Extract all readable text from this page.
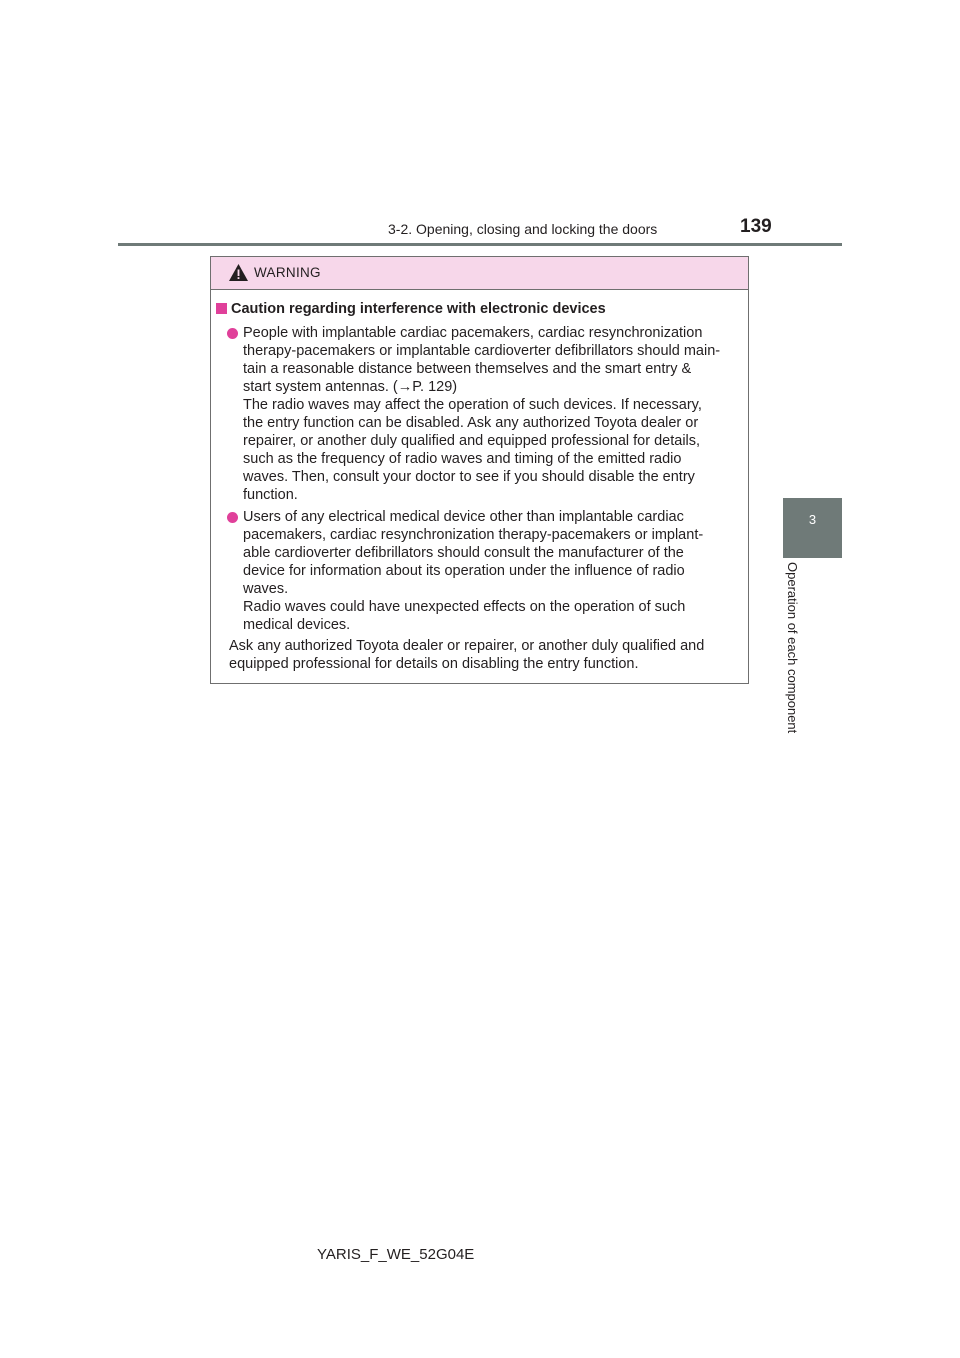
3-2. Opening, closing and locking the doors	139
3
Operation of each component
WARNING
Caution regarding interference with electronic devices
People with implantable cardiac pacemakers, cardiac resynchronization
therapy-pacemakers or implantable cardioverter defibrillators should main-
tain a reasonable distance between themselves and the smart entry &
start system antennas. (→P. 129)
The radio waves may affect the operation of such devices. If necessary,
the entry function can be disabled. Ask any authorized Toyota dealer or
repairer, or another duly qualified and equipped professional for details,
such as the frequency of radio waves and timing of the emitted radio
waves. Then, consult your doctor to see if you should disable the entry
function.
Users of any electrical medical device other than implantable cardiac
pacemakers, cardiac resynchronization therapy-pacemakers or implant-
able cardioverter defibrillators should consult the manufacturer of the
device for information about its operation under the influence of radio
waves.
Radio waves could have unexpected effects on the operation of such
medical devices.
Ask any authorized Toyota dealer or repairer, or another duly qualified and
equipped professional for details on disabling the entry function.
YARIS_F_WE_52G04E
